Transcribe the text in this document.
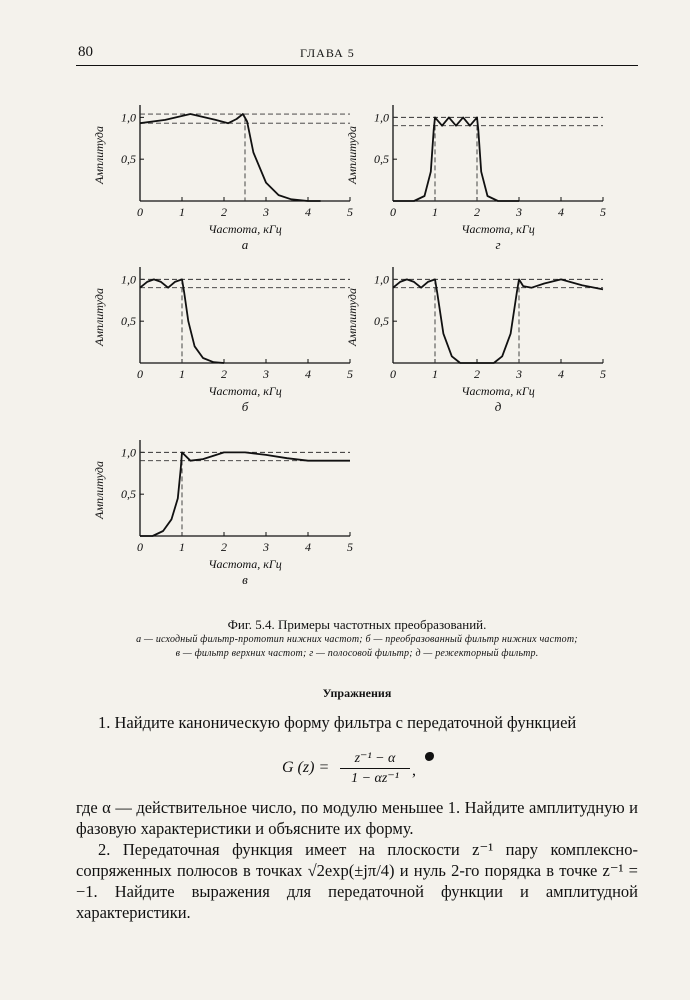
80	ГЛАВА 5
0	1	2	3	4	5
0,5
1,0
Амплитуда
Частота, кГц
а
0	1	2	3	4	5
0,5
1,0
Амплитуда
Частота, кГц
г
0	1	2	3	4	5
0,5
1,0
Амплитуда
Частота, кГц
б
0	1	2	3	4	5
0,5
1,0
Амплитуда
Частота, кГц
д
0	1	2	3	4	5
0,5
1,0
Амплитуда
Частота, кГц
в
Фиг. 5.4. Примеры частотных преобразований.
а — исходный фильтр-прототип нижних частот; б — преобразованный фильтр нижних частот;
в — фильтр верхних частот; г — полосовой фильтр; д — режекторный фильтр.
Упражнения
1. Найдите каноническую форму фильтра с передаточной функцией
G $(z) = \frac{\text{z⁻¹ − α}}{\text{1 − αz⁻¹}}$ ,
где α — действительное число, по модулю меньшее 1. Найдите амплитудную и фазовую характеристики и объясните их форму.
2. Передаточная функция имеет на плоскости z⁻¹ пару комплексно-сопряженных полюсов в точках √2exp(±jπ/4) и нуль 2-го порядка в точке z⁻¹ = −1. Найдите выражения для передаточной функции и амплитудной характеристики.
